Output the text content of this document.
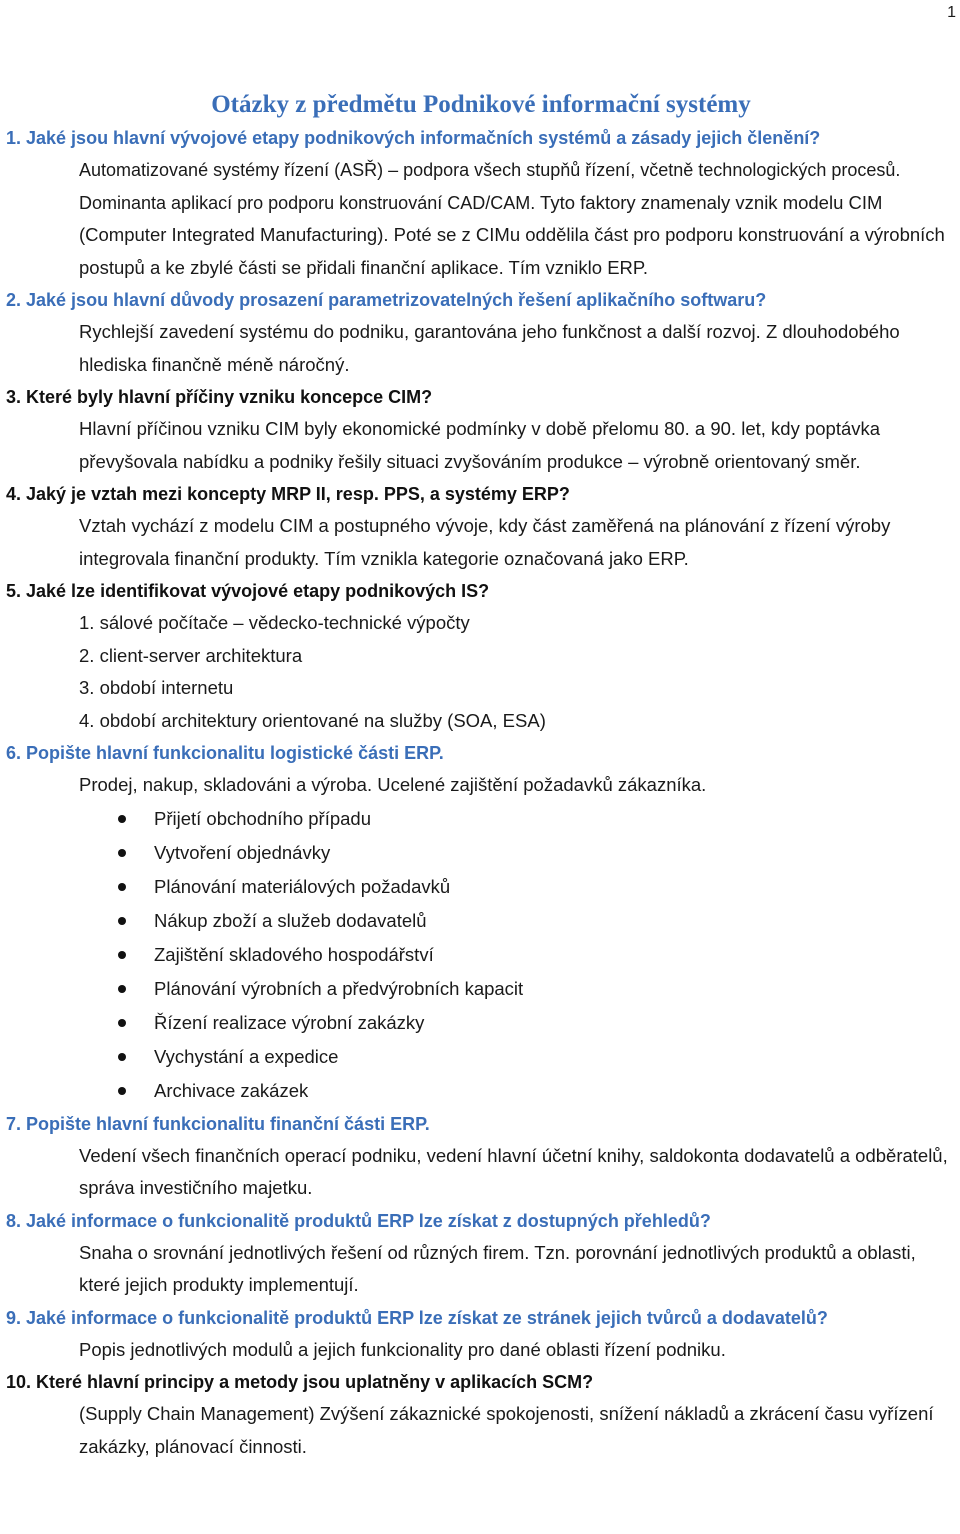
1
Otázky z předmětu Podnikové informační systémy

1. Jaké jsou hlavní vývojové etapy podnikových informačních systémů a zásady jejich členění?

Automatizované systémy řízení (ASŘ) – podpora všech stupňů řízení, včetně technologických procesů. Dominanta aplikací pro podporu konstruování CAD/CAM. Tyto faktory znamenaly vznik modelu CIM (Computer Integrated Manufacturing). Poté se z CIMu oddělila část pro podporu konstruování a výrobních postupů a ke zbylé části se přidali finanční aplikace. Tím vzniklo ERP.

2. Jaké jsou hlavní důvody prosazení parametrizovatelných řešení aplikačního softwaru?

Rychlejší zavedení systému do podniku, garantována jeho funkčnost a další rozvoj. Z dlouhodobého hlediska finančně méně náročný.

3. Které byly hlavní příčiny vzniku koncepce CIM?

Hlavní příčinou vzniku CIM byly ekonomické podmínky v době přelomu 80. a 90. let, kdy poptávka převyšovala nabídku a podniky řešily situaci zvyšováním produkce – výrobně orientovaný směr.

4. Jaký je vztah mezi koncepty MRP II, resp. PPS, a systémy ERP?

Vztah vychází z modelu CIM a postupného vývoje, kdy část zaměřená na plánování z řízení výroby integrovala finanční produkty. Tím vznikla kategorie označovaná jako ERP.

5. Jaké lze identifikovat vývojové etapy podnikových IS?

1. sálové počítače – vědecko-technické výpočty
2. client-server architektura
3. období internetu
4. období architektury orientované na služby (SOA, ESA)

6. Popište hlavní funkcionalitu logistické části ERP.

Prodej, nakup, skladováni a výroba. Ucelené zajištění požadavků zákazníka.

Přijetí obchodního případu
Vytvoření objednávky
Plánování materiálových požadavků
Nákup zboží a služeb dodavatelů
Zajištění skladového hospodářství
Plánování výrobních a předvýrobních kapacit
Řízení realizace výrobní zakázky
Vychystání a expedice
Archivace zakázek

7. Popište hlavní funkcionalitu finanční části ERP.

Vedení všech finančních operací podniku, vedení hlavní účetní knihy, saldokonta dodavatelů a odběratelů, správa investičního majetku.

8. Jaké informace o funkcionalitě produktů ERP lze získat z dostupných přehledů?

Snaha o srovnání jednotlivých řešení od různých firem. Tzn. porovnání jednotlivých produktů a oblasti, které jejich produkty implementují.

9. Jaké informace o funkcionalitě produktů ERP lze získat ze stránek jejich tvůrců a dodavatelů?

Popis jednotlivých modulů a jejich funkcionality pro dané oblasti řízení podniku.

10. Které hlavní principy a metody jsou uplatněny v aplikacích SCM?

(Supply Chain Management) Zvýšení zákaznické spokojenosti, snížení nákladů a zkrácení času vyřízení zakázky, plánovací činnosti.
